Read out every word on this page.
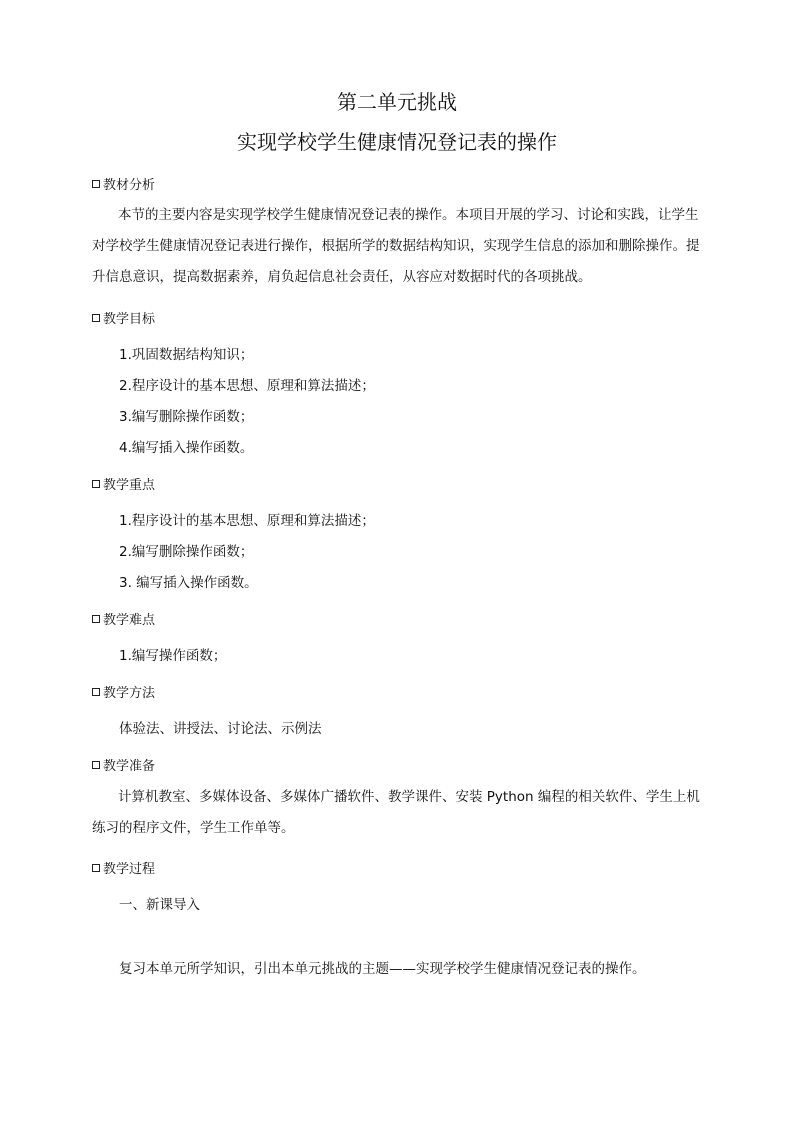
第二单元挑战
实现学校学生健康情况登记表的操作
教材分析
本节的主要内容是实现学校学生健康情况登记表的操作。本项目开展的学习、讨论和实践，让学生对学校学生健康情况登记表进行操作，根据所学的数据结构知识，实现学生信息的添加和删除操作。提升信息意识，提高数据素养，肩负起信息社会责任，从容应对数据时代的各项挑战。
教学目标
1.巩固数据结构知识；
2.程序设计的基本思想、原理和算法描述；
3.编写删除操作函数；
4.编写插入操作函数。
教学重点
1.程序设计的基本思想、原理和算法描述；
2.编写删除操作函数；
3. 编写插入操作函数。
教学难点
1.编写操作函数；
教学方法
体验法、讲授法、讨论法、示例法
教学准备
计算机教室、多媒体设备、多媒体广播软件、教学课件、安装 Python 编程的相关软件、学生上机练习的程序文件，学生工作单等。
教学过程
一、新课导入
复习本单元所学知识，引出本单元挑战的主题——实现学校学生健康情况登记表的操作。
